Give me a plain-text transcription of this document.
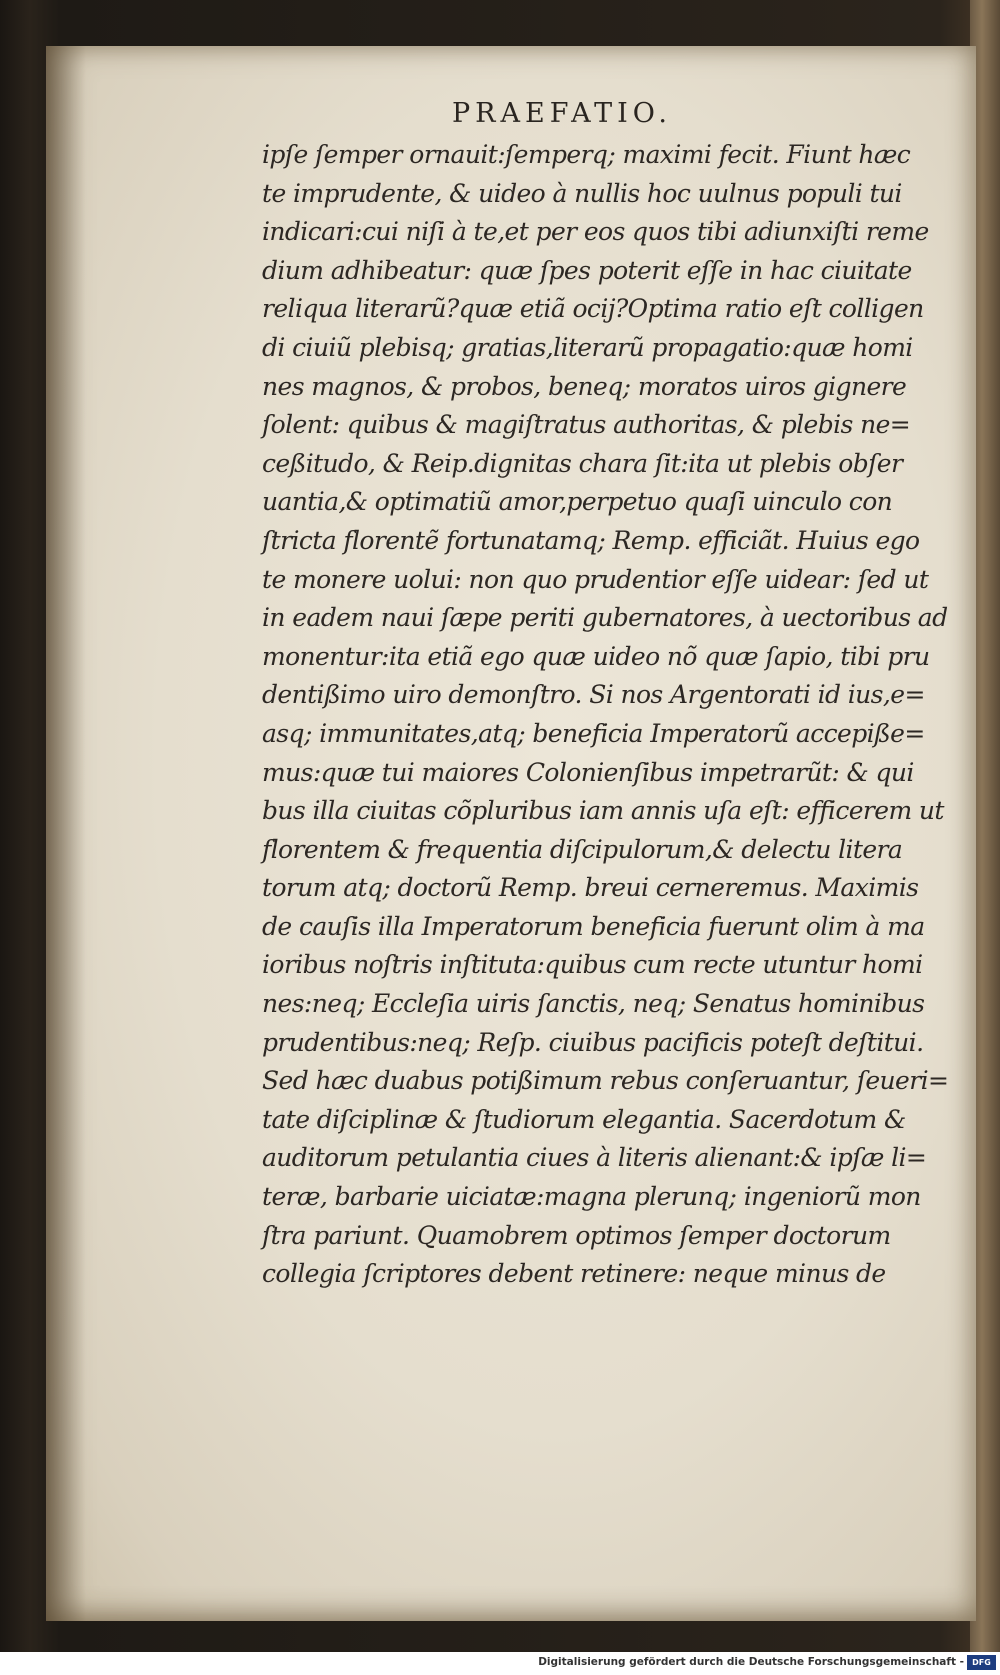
PRAEFATIO.
ipſe ſemper ornauit:ſemperq; maximi fecit. Fiunt hæc
te imprudente, & uideo à nullis hoc uulnus populi tui
indicari:cui niſi à te,et per eos quos tibi adiunxiſti reme
dium adhibeatur: quæ ſpes poterit eſſe in hac ciuitate
reliqua literarũ?quæ etiã ocij?Optima ratio eſt colligen
di ciuiũ plebisq; gratias,literarũ propagatio:quæ homi
nes magnos, & probos, beneq; moratos uiros gignere
ſolent: quibus & magiſtratus authoritas, & plebis ne=
ceßitudo, & Reip.dignitas chara ſit:ita ut plebis obſer
uantia,& optimatiũ amor,perpetuo quaſi uinculo con
ſtricta florentẽ fortunatamq; Remp. efficiãt. Huius ego
te monere uolui: non quo prudentior eſſe uidear: ſed ut
in eadem naui ſæpe periti gubernatores, à uectoribus ad
monentur:ita etiã ego quæ uideo nõ quæ ſapio, tibi pru
dentißimo uiro demonſtro. Si nos Argentorati id ius,e=
asq; immunitates,atq; beneficia Imperatorũ accepiße=
mus:quæ tui maiores Colonienſibus impetrarũt: & qui
bus illa ciuitas cõpluribus iam annis uſa eſt: efficerem ut
florentem & frequentia diſcipulorum,& delectu litera
torum atq; doctorũ Remp. breui cerneremus. Maximis
de cauſis illa Imperatorum beneficia fuerunt olim à ma
ioribus noſtris inſtituta:quibus cum recte utuntur homi
nes:neq; Eccleſia uiris ſanctis, neq; Senatus hominibus
prudentibus:neq; Reſp. ciuibus pacificis poteſt deſtitui.
Sed hæc duabus potißimum rebus conſeruantur, ſeueri=
tate diſciplinæ & ſtudiorum elegantia. Sacerdotum &
auditorum petulantia ciues à literis alienant:& ipſæ li=
teræ, barbarie uiciatæ:magna plerunq; ingeniorũ mon
ſtra pariunt. Quamobrem optimos ſemper doctorum
collegia ſcriptores debent retinere: neque minus de
Digitalisierung gefördert durch die Deutsche Forschungsgemeinschaft -	DFG
